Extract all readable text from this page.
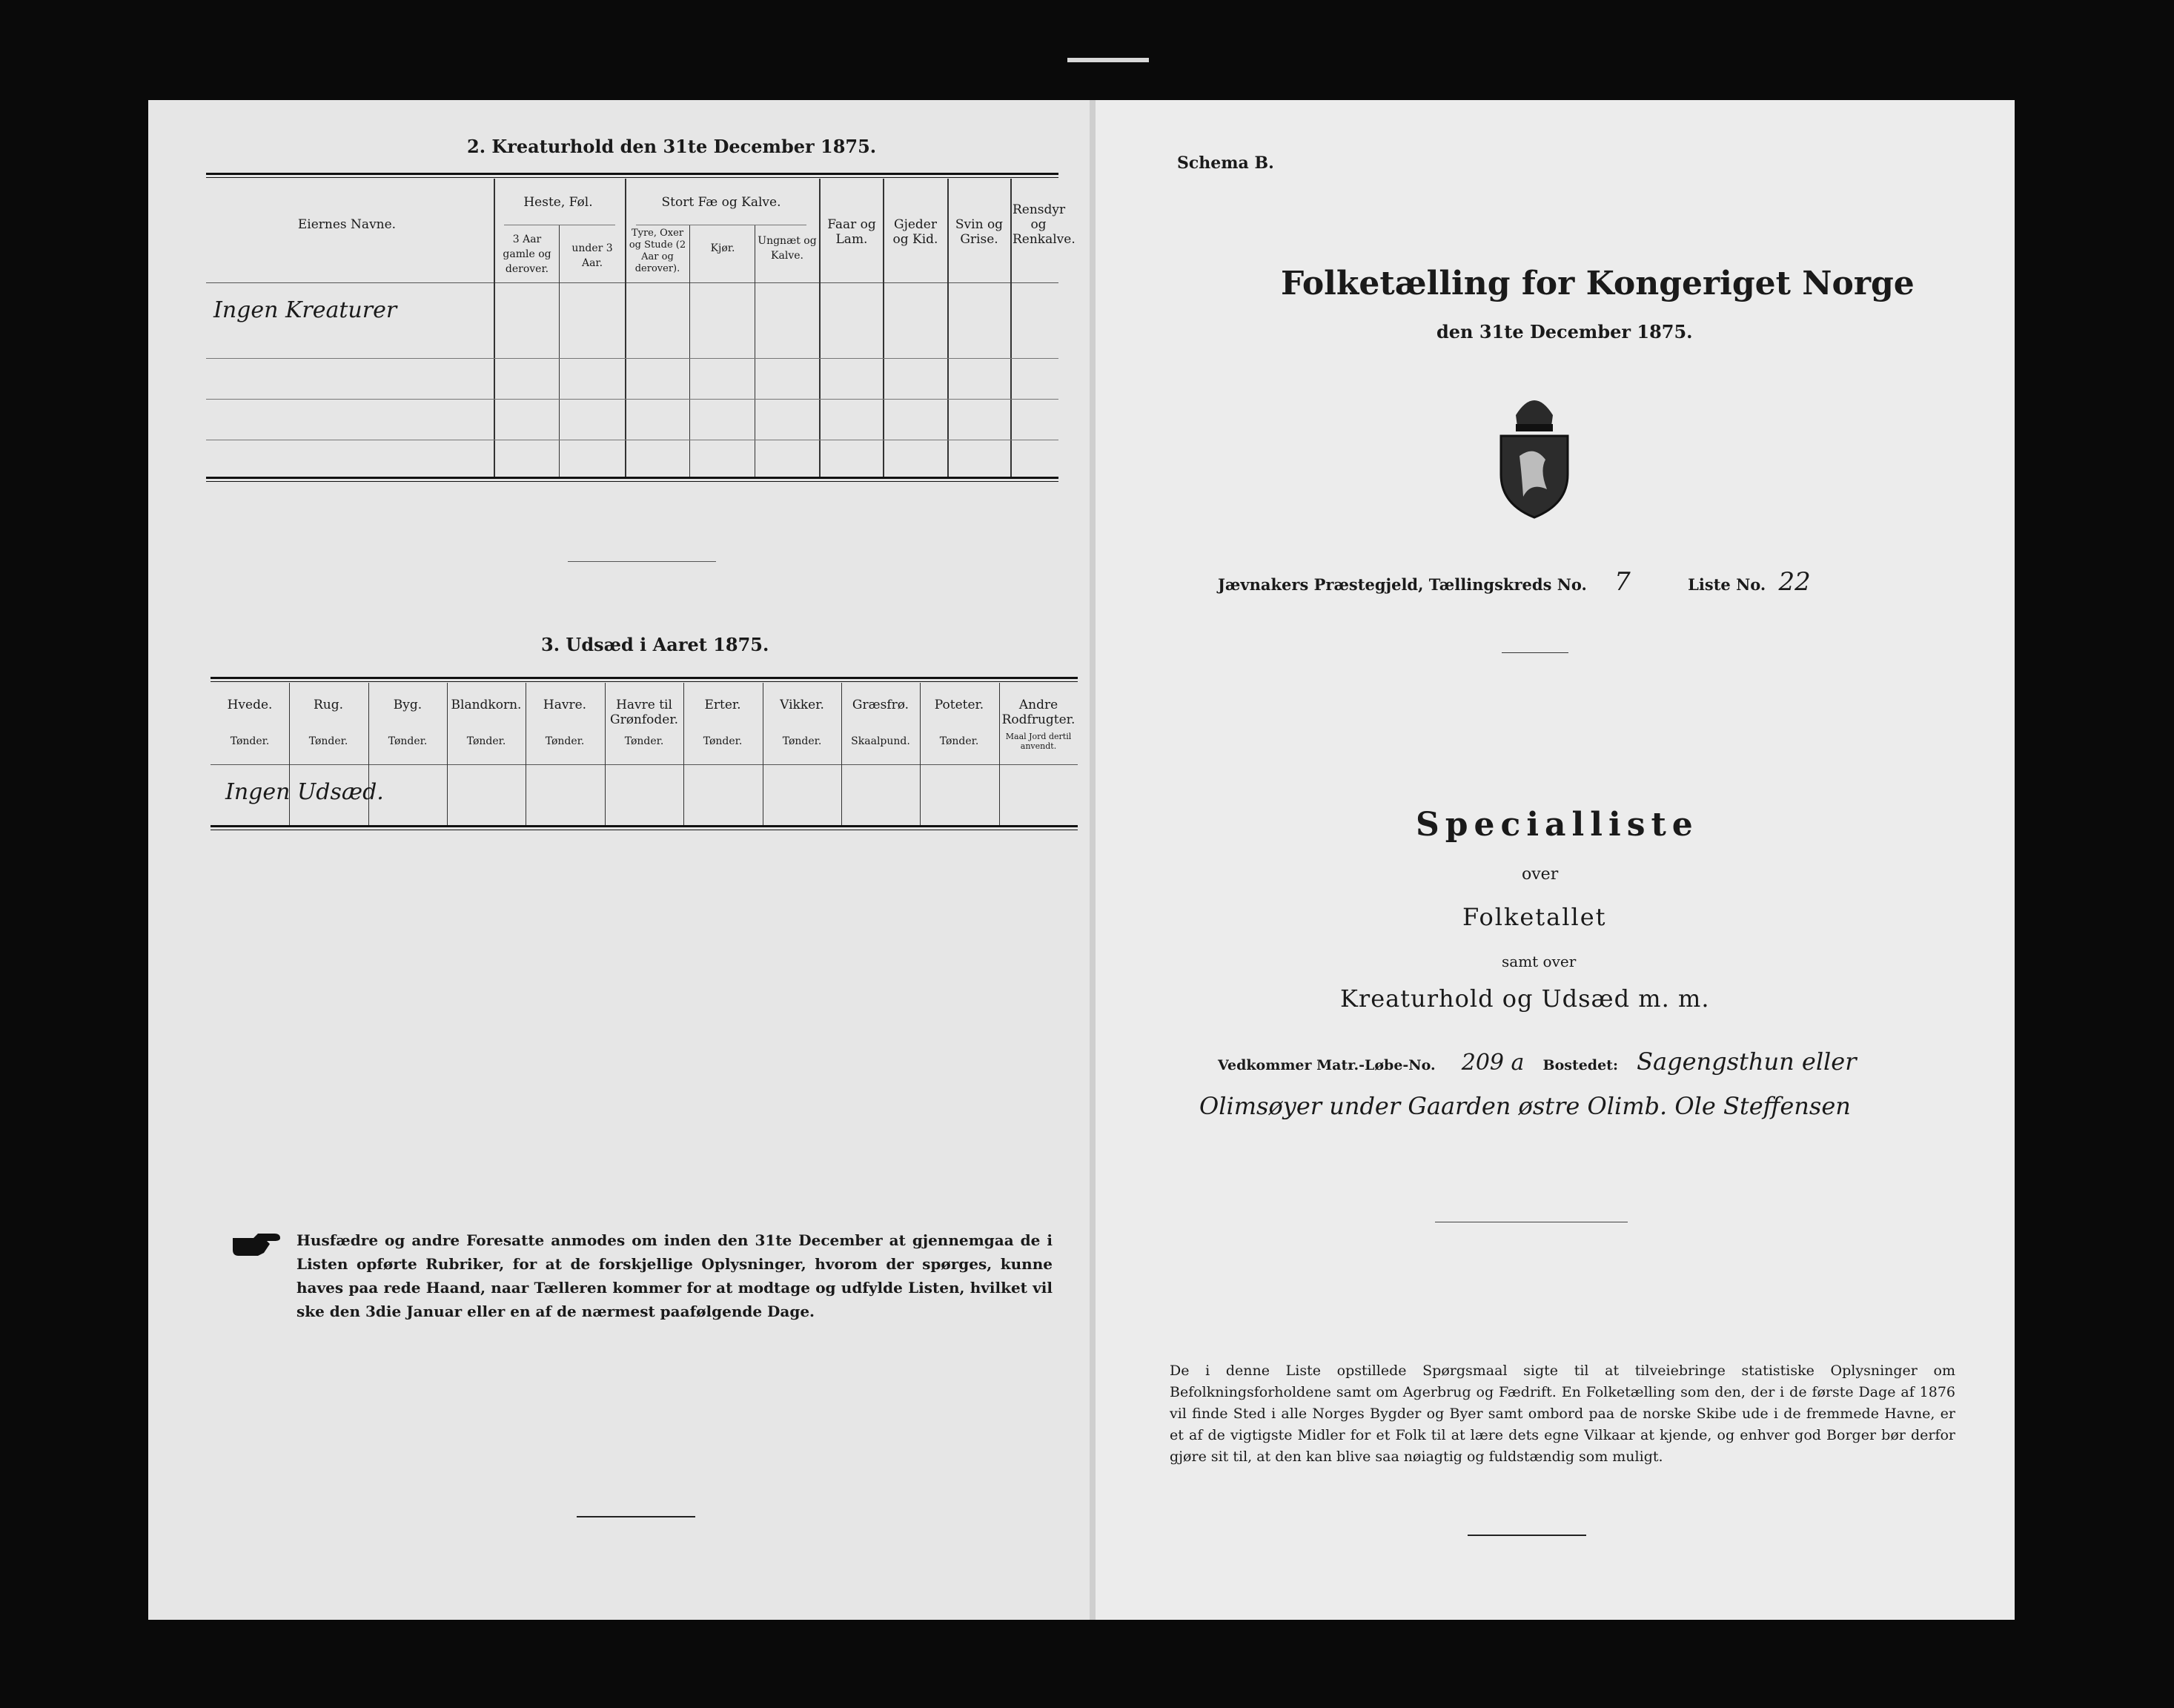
2. Kreaturhold den 31te December 1875.
Eiernes Navne.
Heste, Føl.
3 Aar gamle og derover.
under 3 Aar.
Stort Fæ og Kalve.
Tyre, Oxer og Stude (2 Aar og derover).
Kjør.
Ungnæt og Kalve.
Faar og Lam.
Gjeder og Kid.
Svin og Grise.
Rensdyr og Renkalve.
Ingen Kreaturer
3. Udsæd i Aaret 1875.
Hvede.
Tønder.
Rug.
Tønder.
Byg.
Tønder.
Blandkorn.
Tønder.
Havre.
Tønder.
Havre til Grønfoder.
Tønder.
Erter.
Tønder.
Vikker.
Tønder.
Græsfrø.
Skaalpund.
Poteter.
Tønder.
Andre Rodfrugter.
Maal Jord dertil anvendt.
Ingen Udsæd.
Husfædre og andre Foresatte anmodes om inden den 31te December at gjennemgaa de i Listen opførte Rubriker, for at de forskjellige Oplysninger, hvorom der spørges, kunne haves paa rede Haand, naar Tælleren kommer for at modtage og udfylde Listen, hvilket vil ske den 3die Januar eller en af de nærmest paafølgende Dage.
Schema B.
Folketælling for Kongeriget Norge
den 31te December 1875.
Jævnakers Præstegjeld, Tællingskreds No. 7	Liste No. 22
Specialliste
over
Folketallet
samt over
Kreaturhold og Udsæd m. m.
Vedkommer Matr.-Løbe-No. 209 a Bostedet: Sagengsthun eller
Olimsøyer under Gaarden østre Olimb. Ole Steffensen
De i denne Liste opstillede Spørgsmaal sigte til at tilveiebringe statistiske Oplysninger om Befolkningsforholdene samt om Agerbrug og Fædrift. En Folketælling som den, der i de første Dage af 1876 vil finde Sted i alle Norges Bygder og Byer samt ombord paa de norske Skibe ude i de fremmede Havne, er et af de vigtigste Midler for et Folk til at lære dets egne Vilkaar at kjende, og enhver god Borger bør derfor gjøre sit til, at den kan blive saa nøiagtig og fuldstændig som muligt.
